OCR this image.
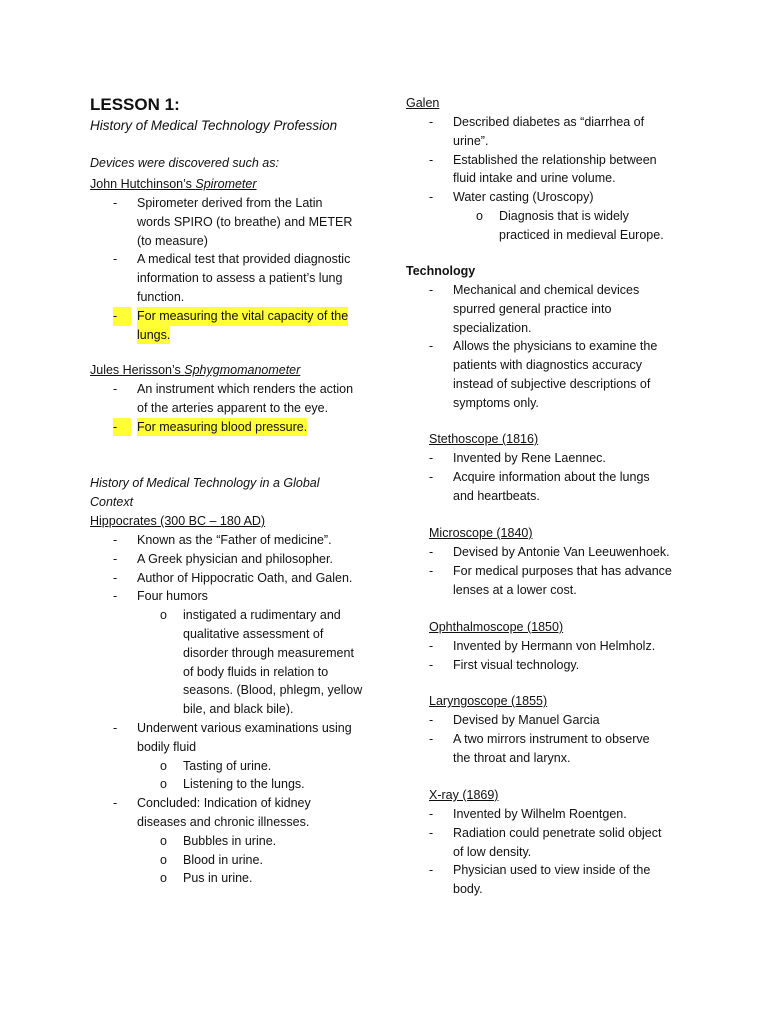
LESSON 1:
History of Medical Technology Profession
Devices were discovered such as:
John Hutchinson’s Spirometer
Jules Herisson’s Sphygmomanometer
History of Medical Technology in a Global
Context
Hippocrates (300 BC – 180 AD)
Galen
Technology
Stethoscope (1816)
Microscope (1840)
Ophthalmoscope (1850)
Laryngoscope (1855)
X-ray (1869)
- Spirometer derived from the Latin
words SPIRO (to breathe) and METER
(to measure)
- A medical test that provided diagnostic
information to assess a patient’s lung
function.
-	For measuring the vital capacity of the
lungs.
- An instrument which renders the action
of the arteries apparent to the eye.
-	For measuring blood pressure.
- Known as the “Father of medicine”.
- A Greek physician and philosopher.
- Author of Hippocratic Oath, and Galen.
- Four humors
o instigated a rudimentary and
qualitative assessment of
disorder through measurement
of body fluids in relation to
seasons. (Blood, phlegm, yellow
bile, and black bile).
- Underwent various examinations using
bodily fluid
o Tasting of urine.
o Listening to the lungs.
- Concluded: Indication of kidney
diseases and chronic illnesses.
o Bubbles in urine.
o Blood in urine.
o Pus in urine.
- Described diabetes as “diarrhea of
urine”.
- Established the relationship between
fluid intake and urine volume.
- Water casting (Uroscopy)
o Diagnosis that is widely
practiced in medieval Europe.
- Mechanical and chemical devices
spurred general practice into
specialization.
- Allows the physicians to examine the
patients with diagnostics accuracy
instead of subjective descriptions of
symptoms only.
- Invented by Rene Laennec.
- Acquire information about the lungs
and heartbeats.
- Devised by Antonie Van Leeuwenhoek.
- For medical purposes that has advance
lenses at a lower cost.
- Invented by Hermann von Helmholz.
- First visual technology.
- Devised by Manuel Garcia
- A two mirrors instrument to observe
the throat and larynx.
- Invented by Wilhelm Roentgen.
- Radiation could penetrate solid object
of low density.
- Physician used to view inside of the
body.
